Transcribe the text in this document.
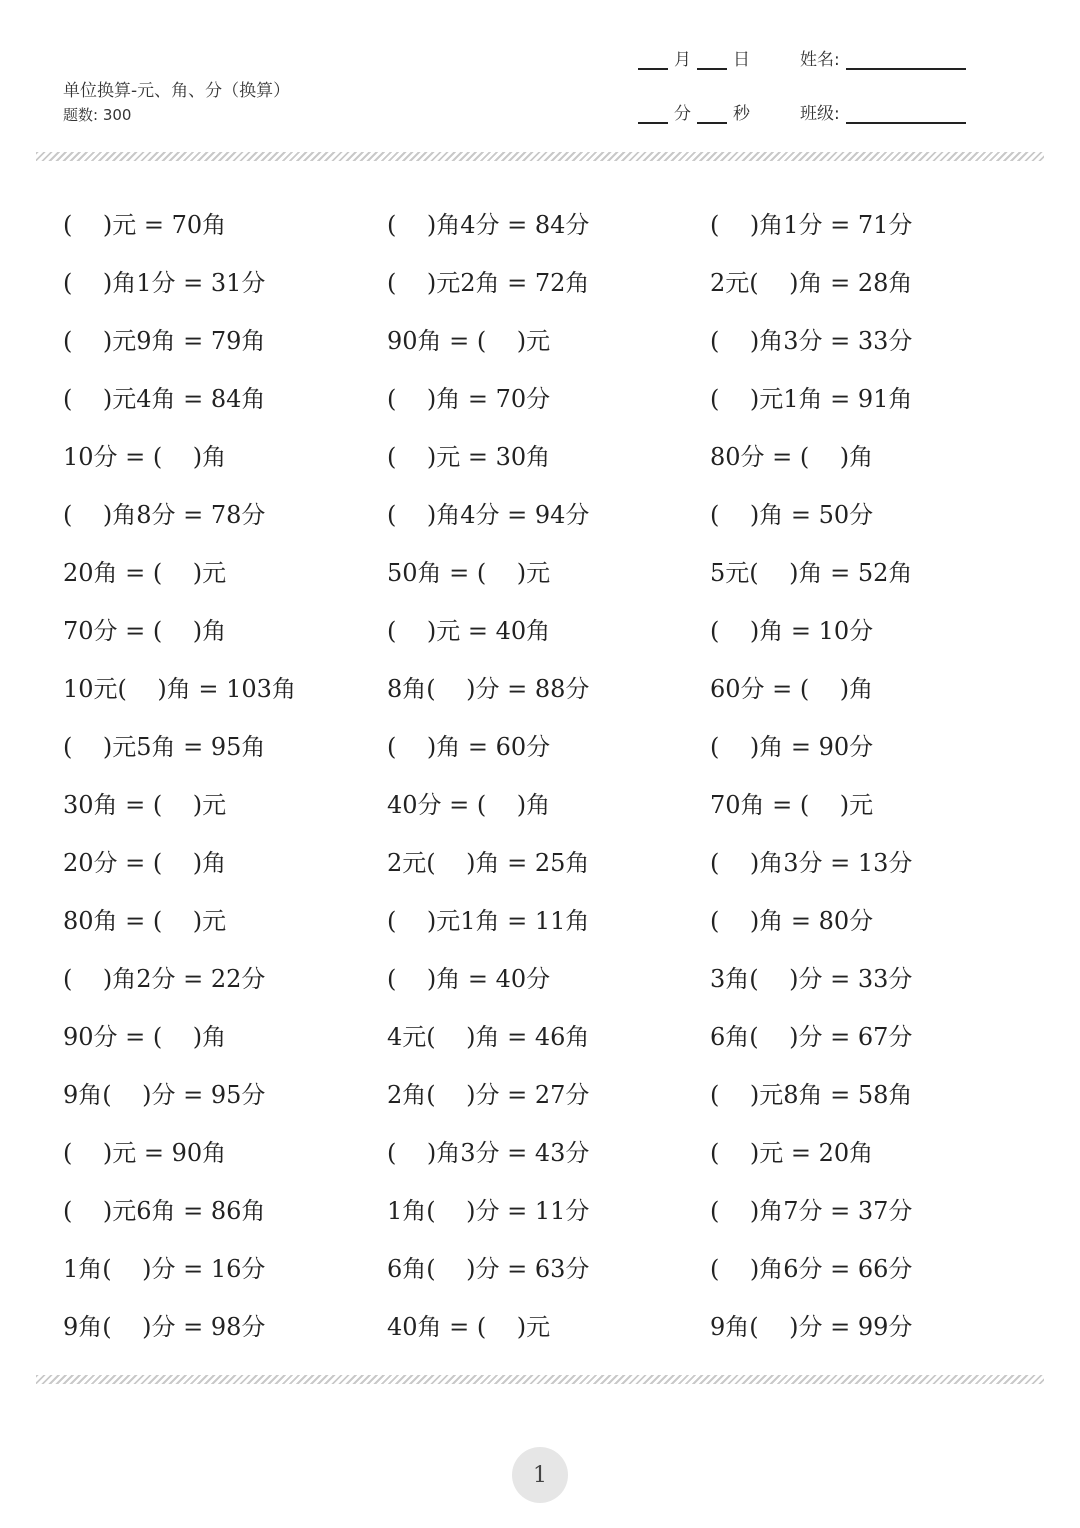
单位换算-元、角、分（换算）
题数: 300
月 日	姓名:
分 秒	班级:
(    )元 = 70角	(    )角4分 = 84分	(    )角1分 = 71分
(    )角1分 = 31分	(    )元2角 = 72角	2元(    )角 = 28角
(    )元9角 = 79角	90角 = (    )元	(    )角3分 = 33分
(    )元4角 = 84角	(    )角 = 70分	(    )元1角 = 91角
10分 = (    )角	(    )元 = 30角	80分 = (    )角
(    )角8分 = 78分	(    )角4分 = 94分	(    )角 = 50分
20角 = (    )元	50角 = (    )元	5元(    )角 = 52角
70分 = (    )角	(    )元 = 40角	(    )角 = 10分
10元(    )角 = 103角	8角(    )分 = 88分	60分 = (    )角
(    )元5角 = 95角	(    )角 = 60分	(    )角 = 90分
30角 = (    )元	40分 = (    )角	70角 = (    )元
20分 = (    )角	2元(    )角 = 25角	(    )角3分 = 13分
80角 = (    )元	(    )元1角 = 11角	(    )角 = 80分
(    )角2分 = 22分	(    )角 = 40分	3角(    )分 = 33分
90分 = (    )角	4元(    )角 = 46角	6角(    )分 = 67分
9角(    )分 = 95分	2角(    )分 = 27分	(    )元8角 = 58角
(    )元 = 90角	(    )角3分 = 43分	(    )元 = 20角
(    )元6角 = 86角	1角(    )分 = 11分	(    )角7分 = 37分
1角(    )分 = 16分	6角(    )分 = 63分	(    )角6分 = 66分
9角(    )分 = 98分	40角 = (    )元	9角(    )分 = 99分
1
